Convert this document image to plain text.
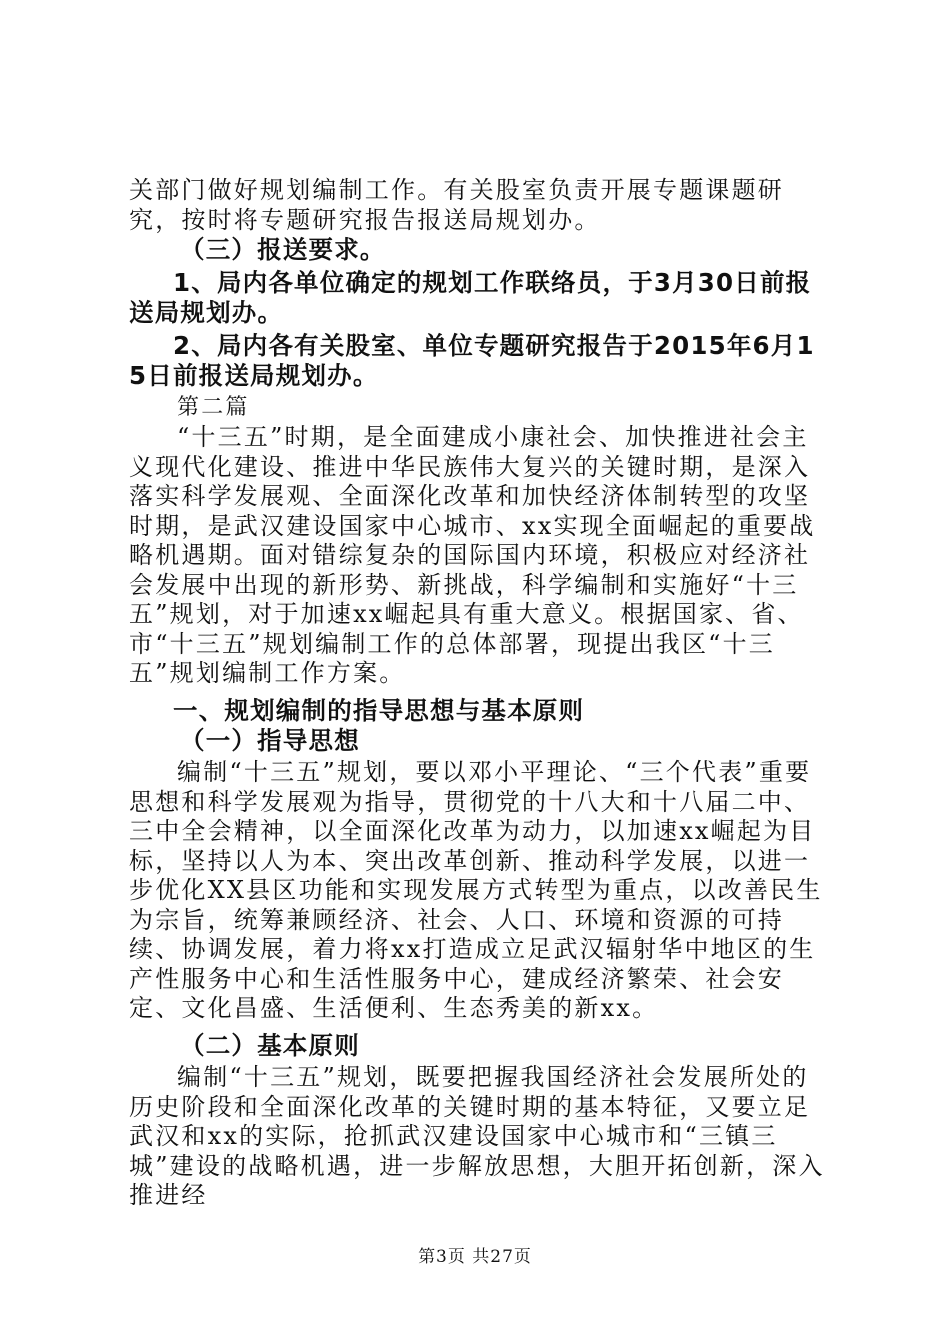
关部门做好规划编制工作。有关股室负责开展专题课题研究，按时将专题研究报告报送局规划办。

（三）报送要求。

1、局内各单位确定的规划工作联络员，于3月30日前报送局规划办。

2、局内各有关股室、单位专题研究报告于2015年6月15日前报送局规划办。

第二篇

“十三五”时期，是全面建成小康社会、加快推进社会主义现代化建设、推进中华民族伟大复兴的关键时期，是深入落实科学发展观、全面深化改革和加快经济体制转型的攻坚时期，是武汉建设国家中心城市、xx实现全面崛起的重要战略机遇期。面对错综复杂的国际国内环境，积极应对经济社会发展中出现的新形势、新挑战，科学编制和实施好“十三五”规划，对于加速xx崛起具有重大意义。根据国家、省、市“十三五”规划编制工作的总体部署，现提出我区“十三五”规划编制工作方案。

一、规划编制的指导思想与基本原则

（一）指导思想

编制“十三五”规划，要以邓小平理论、“三个代表”重要思想和科学发展观为指导，贯彻党的十八大和十八届二中、三中全会精神，以全面深化改革为动力，以加速xx崛起为目标，坚持以人为本、突出改革创新、推动科学发展，以进一步优化XX县区功能和实现发展方式转型为重点，以改善民生为宗旨，统筹兼顾经济、社会、人口、环境和资源的可持续、协调发展，着力将xx打造成立足武汉辐射华中地区的生产性服务中心和生活性服务中心，建成经济繁荣、社会安定、文化昌盛、生活便利、生态秀美的新xx。

（二）基本原则

编制“十三五”规划，既要把握我国经济社会发展所处的历史阶段和全面深化改革的关键时期的基本特征，又要立足武汉和xx的实际，抢抓武汉建设国家中心城市和“三镇三城”建设的战略机遇，进一步解放思想，大胆开拓创新，深入推进经

第3页 共27页
